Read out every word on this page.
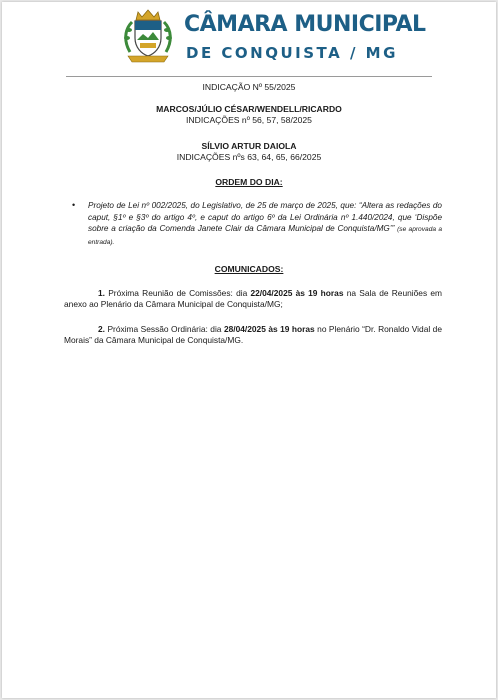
CÂMARA MUNICIPAL
DE CONQUISTA / MG
INDICAÇÃO Nº 55/2025
MARCOS/JÚLIO CÉSAR/WENDELL/RICARDO
INDICAÇÕES nº 56, 57, 58/2025
SÍLVIO ARTUR DAIOLA
INDICAÇÕES nºs 63, 64, 65, 66/2025
ORDEM DO DIA:
• Projeto de Lei nº 002/2025, do Legislativo, de 25 de março de 2025, que: “Altera as redações do caput, §1º e §3º do artigo 4º, e caput do artigo 6º da Lei Ordinária nº 1.440/2024, que ‘Dispõe sobre a criação da Comenda Janete Clair da Câmara Municipal de Conquista/MG’” (se aprovada a entrada).
COMUNICADOS:
1. Próxima Reunião de Comissões: dia 22/04/2025 às 19 horas na Sala de Reuniões em anexo ao Plenário da Câmara Municipal de Conquista/MG;
2. Próxima Sessão Ordinária: dia 28/04/2025 às 19 horas no Plenário “Dr. Ronaldo Vidal de Morais” da Câmara Municipal de Conquista/MG.
